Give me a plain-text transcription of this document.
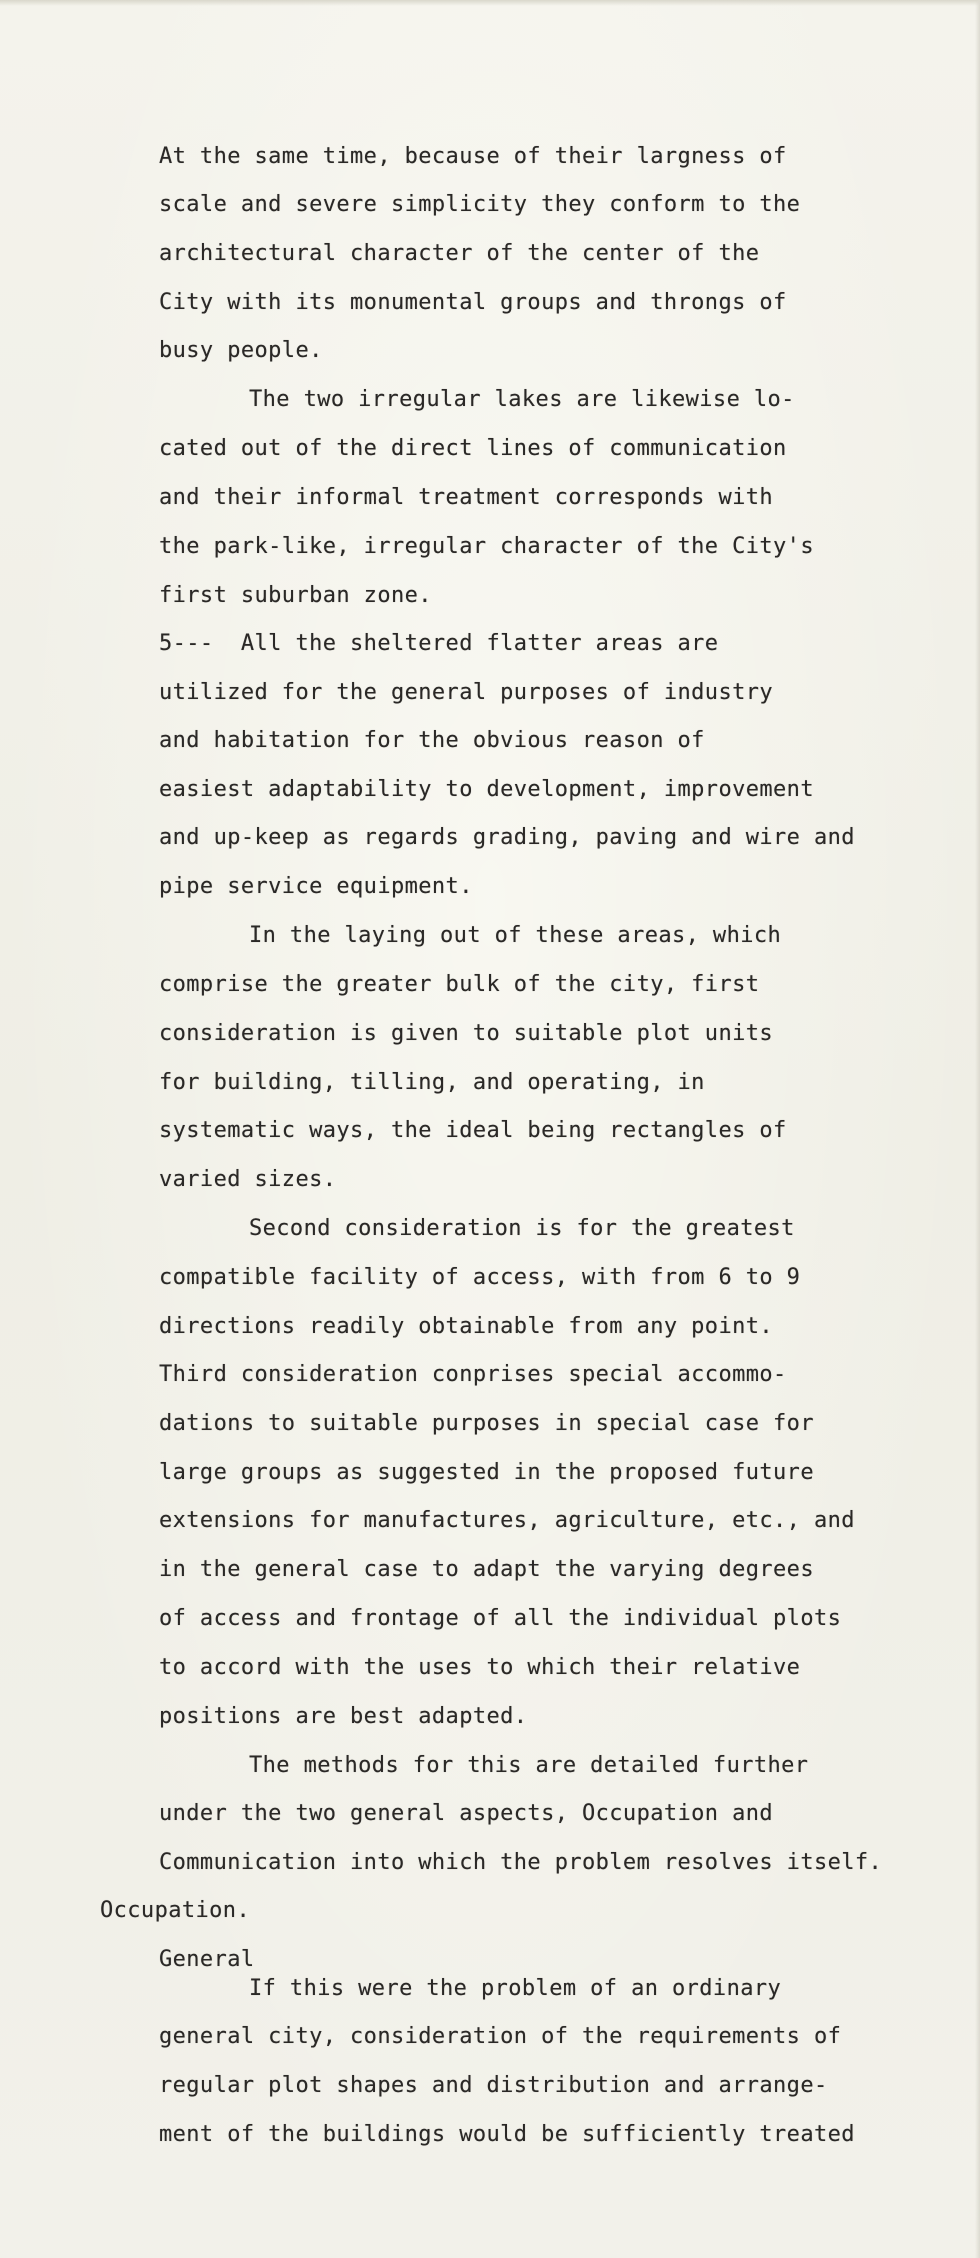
At the same time, because of their largness of
scale and severe simplicity they conform to the
architectural character of the center of the
City with its monumental groups and throngs of
busy people.
The two irregular lakes are likewise lo-
cated out of the direct lines of communication
and their informal treatment corresponds with
the park-like, irregular character of the City's
first suburban zone.
5---  All the sheltered flatter areas are
utilized for the general purposes of industry
and habitation for the obvious reason of
easiest adaptability to development, improvement
and up-keep as regards grading, paving and wire and
pipe service equipment.
In the laying out of these areas, which
comprise the greater bulk of the city, first
consideration is given to suitable plot units
for building, tilling, and operating, in
systematic ways, the ideal being rectangles of
varied sizes.
Second consideration is for the greatest
compatible facility of access, with from 6 to 9
directions readily obtainable from any point.
Third consideration conprises special accommo-
dations to suitable purposes in special case for
large groups as suggested in the proposed future
extensions for manufactures, agriculture, etc., and
in the general case to adapt the varying degrees
of access and frontage of all the individual plots
to accord with the uses to which their relative
positions are best adapted.
The methods for this are detailed further
under the two general aspects, Occupation and
Communication into which the problem resolves itself.
Occupation.
General
If this were the problem of an ordinary
general city, consideration of the requirements of
regular plot shapes and distribution and arrange-
ment of the buildings would be sufficiently treated
